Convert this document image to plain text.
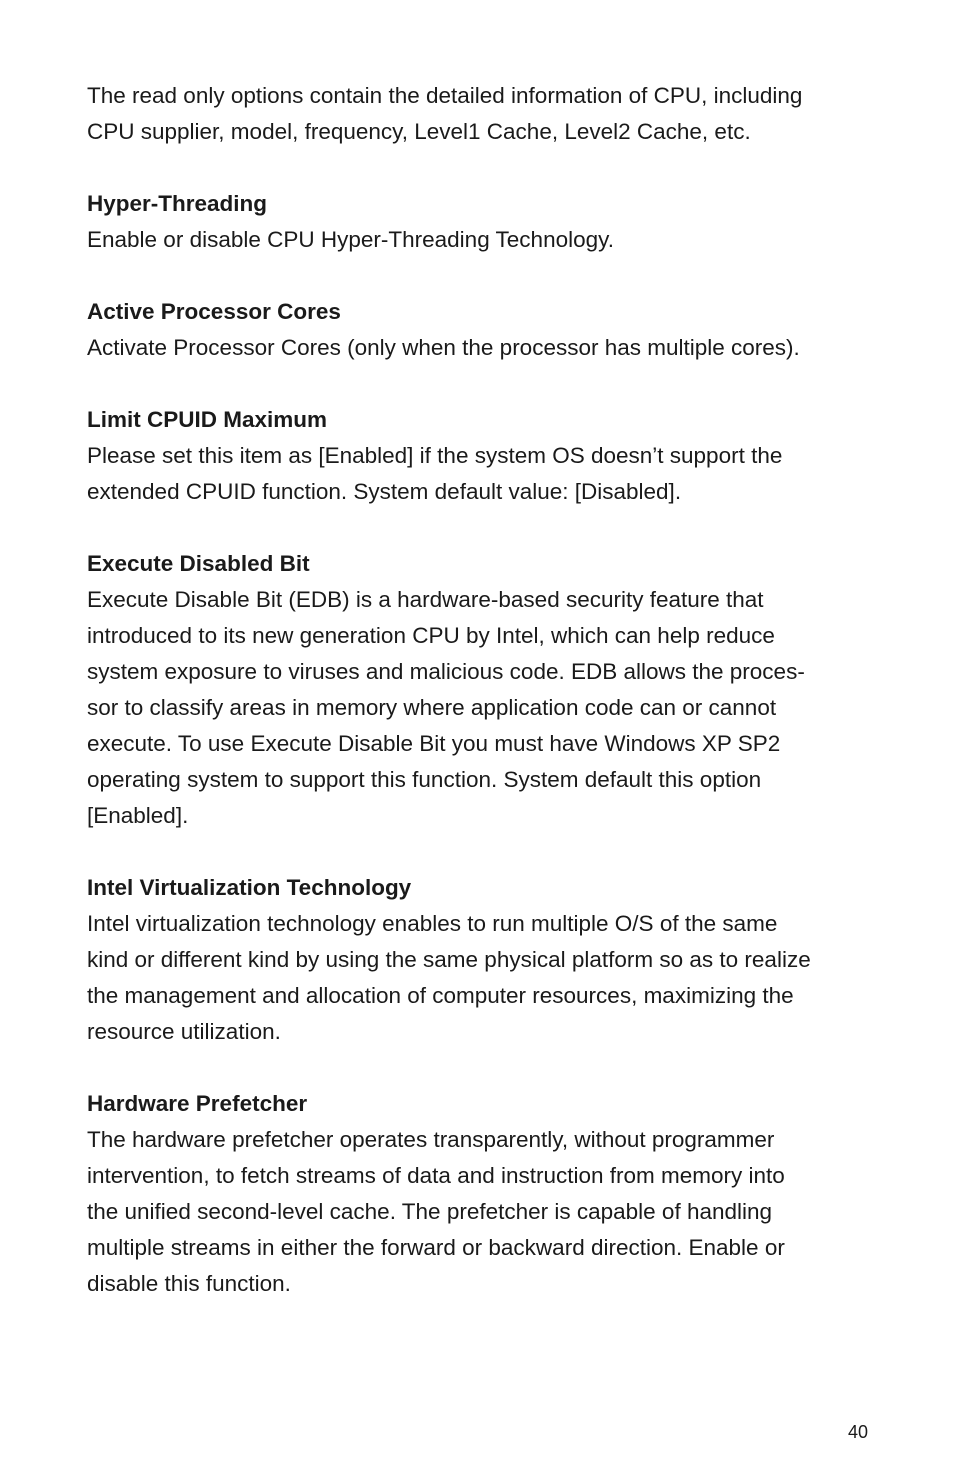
The read only options contain the detailed information of CPU, including
CPU supplier, model, frequency, Level1 Cache, Level2 Cache, etc.

Hyper-Threading

Enable or disable CPU Hyper-Threading Technology.

Active Processor Cores

Activate Processor Cores (only when the processor has multiple cores).

Limit CPUID Maximum

Please set this item as [Enabled] if the system OS doesn’t support the
extended CPUID function. System default value: [Disabled].

Execute Disabled Bit

Execute Disable Bit (EDB) is a hardware-based security feature that
introduced to its new generation CPU by Intel, which can help reduce
system exposure to viruses and malicious code. EDB allows the proces-
sor to classify areas in memory where application code can or cannot
execute. To use Execute Disable Bit you must have Windows XP SP2
operating system to support this function. System default this option
[Enabled].

Intel Virtualization Technology

Intel virtualization technology enables to run multiple O/S of the same
kind or different kind by using the same physical platform so as to realize
the management and allocation of computer resources, maximizing the
resource utilization.

Hardware Prefetcher

The hardware prefetcher operates transparently, without programmer
intervention, to fetch streams of data and instruction from memory into
the unified second-level cache. The prefetcher is capable of handling
multiple streams in either the forward or backward direction. Enable or
disable this function.

40
